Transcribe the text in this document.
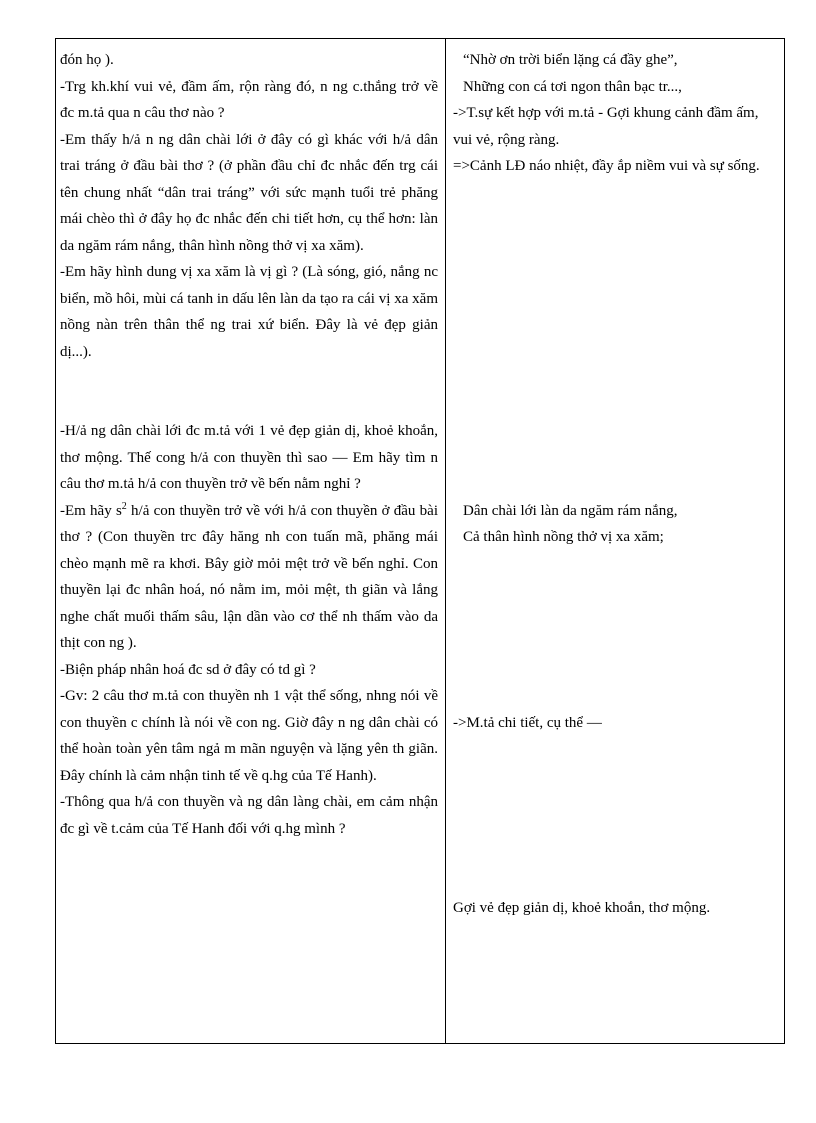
đón họ ).

-Trg kh.khí vui vẻ, đầm ấm, rộn ràng đó, n ng c.thắng trở về đc m.tả qua n câu thơ nào ?

-Em thấy h/ả n ng dân chài lới ở đây có gì khác với h/ả dân trai tráng ở đầu bài thơ ? (ở phần đầu chỉ đc nhắc đến trg cái tên chung nhất “dân trai tráng” với sức mạnh tuổi trẻ phăng mái chèo thì ở đây họ đc nhắc đến chi tiết hơn, cụ thể hơn: làn da ngăm rám nắng, thân hình nồng thở vị xa xăm).

-Em hãy hình dung vị xa xăm là vị gì ? (Là sóng, gió, nắng nc biển, mồ hôi, mùi cá tanh in dấu lên làn da tạo ra cái vị xa xăm nồng nàn trên thân thể ng trai xứ biển. Đây là vẻ đẹp giản dị...).

-H/ả ng dân chài lới đc m.tả với 1 vẻ đẹp giản dị, khoẻ khoắn, thơ mộng. Thế cong h/ả con thuyền thì sao — Em hãy tìm n câu thơ m.tả h/ả con thuyền trở về bến nằm nghỉ ?

-Em hãy $s^2$ h/ả con thuyền trở về với h/ả con thuyền ở đầu bài thơ ? (Con thuyền trc đây hăng nh con tuấn mã, phăng mái chèo mạnh mẽ ra khơi. Bây giờ mỏi mệt trở về bến nghỉ. Con thuyền lại đc nhân hoá, nó nằm im, mỏi mệt, th giãn và lắng nghe chất muối thấm sâu, lận dần vào cơ thể nh thấm vào da thịt con ng ).

-Biện pháp nhân hoá đc sd ở đây có td gì ?

-Gv: 2 câu thơ m.tả con thuyền nh 1 vật thể sống, nhng nói về con thuyền c chính là nói về con ng. Giờ đây n ng dân chài có thể hoàn toàn yên tâm ngả m mãn nguyện và lặng yên th giãn. Đây chính là cảm nhận tinh tế về q.hg của Tế Hanh).

-Thông qua h/ả con thuyền và ng dân làng chài, em cảm nhận đc gì về t.cảm của Tế Hanh đối với q.hg mình ?

“Nhờ ơn trời biển lặng cá đầy ghe”,

Những con cá tơi ngon thân bạc tr...,

->T.sự kết hợp với m.tả - Gợi khung cảnh đầm ấm, vui vẻ, rộng ràng.

=>Cảnh LĐ náo nhiệt, đầy ắp niềm vui và sự sống.

Dân chài lới làn da ngăm rám nắng,

Cả thân hình nồng thở vị xa xăm;

->M.tả chi tiết, cụ thể —

Gợi vẻ đẹp giản dị, khoẻ khoắn, thơ mộng.
